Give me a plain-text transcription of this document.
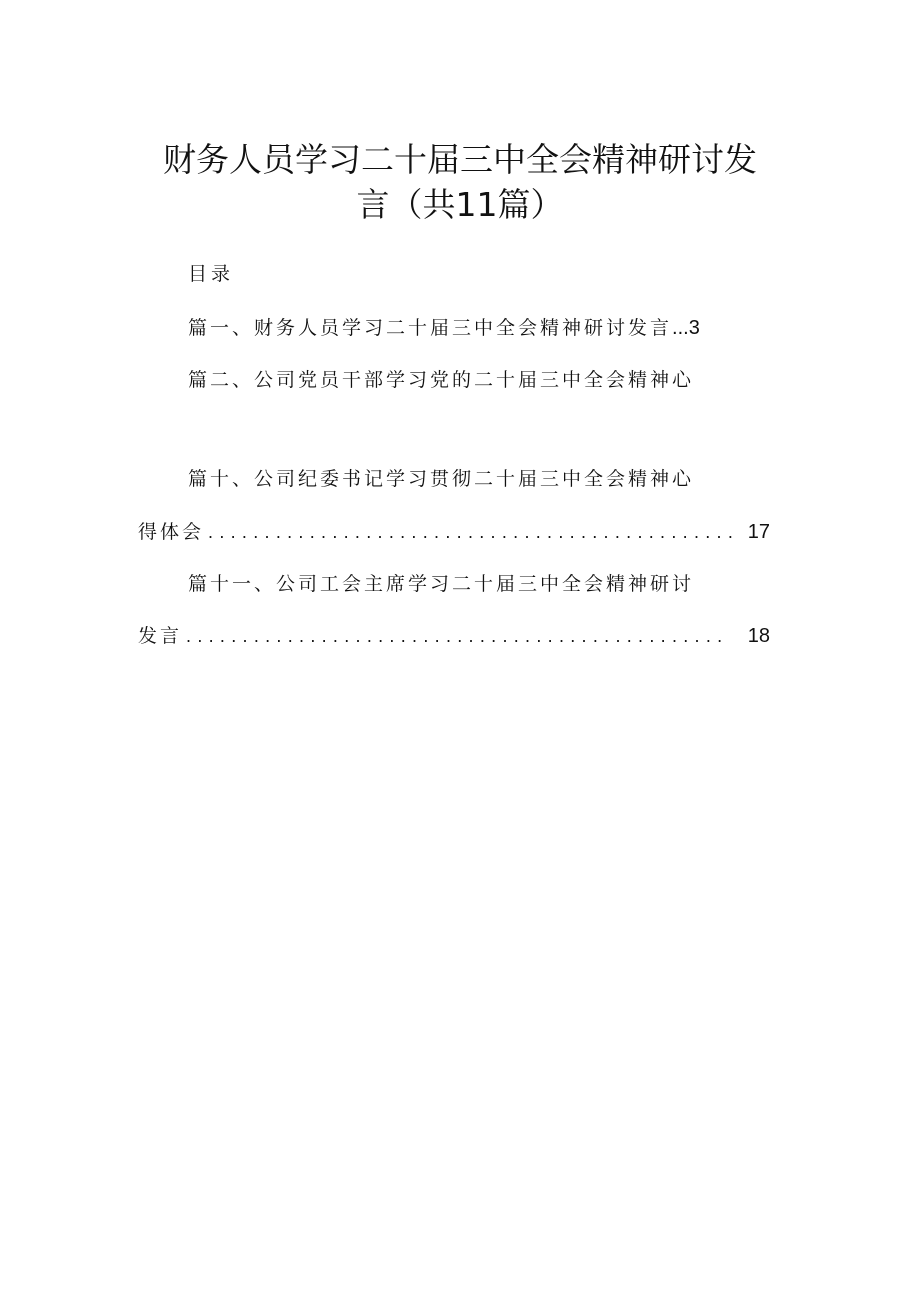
财务人员学习二十届三中全会精神研讨发
言（共11篇）
目录
篇一、财务人员学习二十届三中全会精神研讨发言...3
篇二、公司党员干部学习党的二十届三中全会精神心
篇十、公司纪委书记学习贯彻二十届三中全会精神心
得体会 ............................................... 17
篇十一、公司工会主席学习二十届三中全会精神研讨
发言 ................................................ 18
